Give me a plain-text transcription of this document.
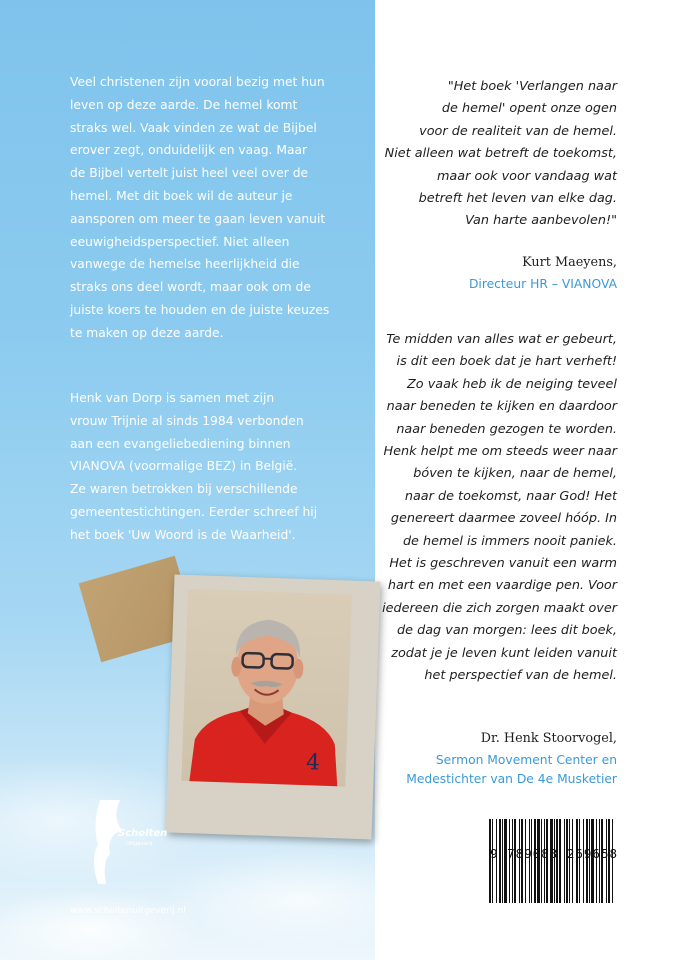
Veel christenen zijn vooral bezig met hun
leven op deze aarde. De hemel komt
straks wel. Vaak vinden ze wat de Bijbel
erover zegt, onduidelijk en vaag. Maar
de Bijbel vertelt juist heel veel over de
hemel. Met dit boek wil de auteur je
aansporen om meer te gaan leven vanuit
eeuwigheidsperspectief. Niet alleen
vanwege de hemelse heerlijkheid die
straks ons deel wordt, maar ook om de
juiste koers te houden en de juiste keuzes
te maken op deze aarde.

Henk van Dorp is samen met zijn
vrouw Trijnie al sinds 1984 verbonden
aan een evangeliebediening binnen
VIANOVA (voormalige BEZ) in België.
Ze waren betrokken bij verschillende
gemeentestichtingen. Eerder schreef hij
het boek 'Uw Woord is de Waarheid'.

4
Scholten
Uitgeverij

www.scholtenuitgeverij.nl

"Het boek 'Verlangen naar
de hemel' opent onze ogen
voor de realiteit van de hemel.
Niet alleen wat betreft de toekomst,
maar ook voor vandaag wat
betreft het leven van elke dag.
Van harte aanbevolen!"

Kurt Maeyens,

Directeur HR – VIANOVA

Te midden van alles wat er gebeurt,
is dit een boek dat je hart verheft!
Zo vaak heb ik de neiging teveel
naar beneden te kijken en daardoor
naar beneden gezogen te worden.
Henk helpt me om steeds weer naar
bóven te kijken, naar de hemel,
naar de toekomst, naar God! Het
genereert daarmee zoveel hóóp. In
de hemel is immers nooit paniek.
Het is geschreven vanuit een warm
hart en met een vaardige pen. Voor
iedereen die zich zorgen maakt over
de dag van morgen: lees dit boek,
zodat je je leven kunt leiden vanuit
het perspectief van de hemel.

Dr. Henk Stoorvogel,

Sermon Movement Center en
Medestichter van De 4e Musketier

9 789083 269658
